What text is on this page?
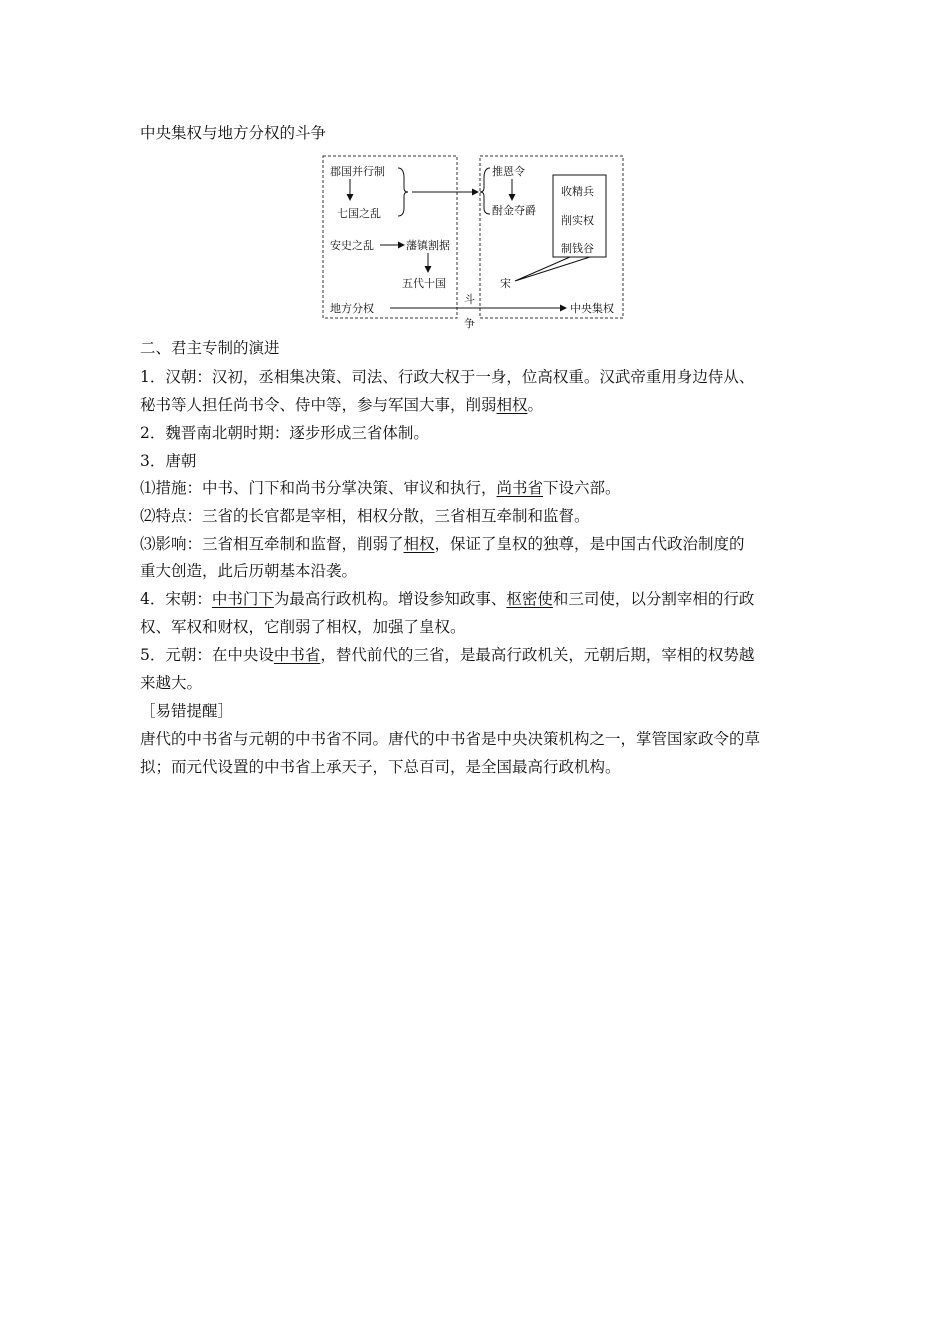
中央集权与地方分权的斗争
郡国并行制
七国之乱
安史之乱	藩镇割据
五代十国
推恩令
酎金夺爵
收精兵
削实权
制钱谷
宋
地方分权	中央集权
斗
争
二、君主专制的演进
1．汉朝：汉初，丞相集决策、司法、行政大权于一身，位高权重。汉武帝重用身边侍从、
秘书等人担任尚书令、侍中等，参与军国大事，削弱相权。
2．魏晋南北朝时期：逐步形成三省体制。
3．唐朝
⑴措施：中书、门下和尚书分掌决策、审议和执行，尚书省下设六部。
⑵特点：三省的长官都是宰相，相权分散，三省相互牵制和监督。
⑶影响：三省相互牵制和监督，削弱了相权，保证了皇权的独尊，是中国古代政治制度的
重大创造，此后历朝基本沿袭。
4．宋朝：中书门下为最高行政机构。增设参知政事、枢密使和三司使，以分割宰相的行政
权、军权和财权，它削弱了相权，加强了皇权。
5．元朝：在中央设中书省，替代前代的三省，是最高行政机关，元朝后期，宰相的权势越
来越大。
［易错提醒］
唐代的中书省与元朝的中书省不同。唐代的中书省是中央决策机构之一，掌管国家政令的草
拟；而元代设置的中书省上承天子，下总百司，是全国最高行政机构。
